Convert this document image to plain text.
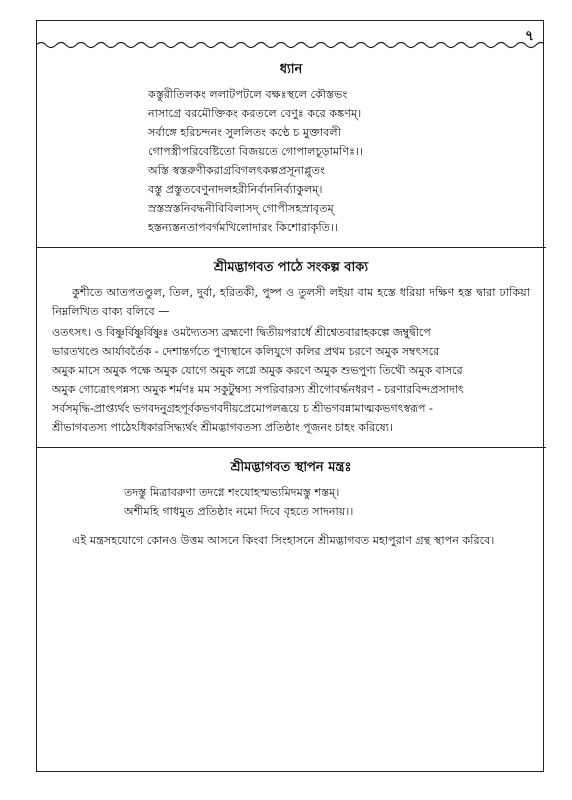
৭
ধ্যান
কস্তুরীতিলকং ললাটপটলে বক্ষঃস্থলে কৌস্তভং
নাসাগ্রে বরমৌক্তিকং করতলে বেণুঃ করে কঙ্কণম্‌।
সর্বাঙ্গে হরিচন্দনং সুললিতং কণ্ঠে চ মুক্তাবলী
গোপস্ত্রীপরিবেষ্টিতো বিজয়তে গোপালচূড়ামণিঃ।।
অস্তি স্বস্তরুণীকরাগ্রবিগলৎকল্পপ্রসূনাপ্লুতং
বস্তু প্রস্তুতবেণুনাদলহরীনির্বাননির্ব্যাকুলম্‌।
স্রস্তস্রস্তনিবদ্ধনীবিবিলাসদ্‌ গোপীসহস্রাবৃতম্‌
হস্তন্যস্তনতাপবর্গমখিলোদারং কিশোরাকৃতি।।
শ্রীমদ্ভাগবত পাঠে সংকল্প বাক্য
কুশীতে আতপতণ্ডুল, তিল, দুর্বা, হরিতকী, পুষ্প ও তুলসী লইয়া বাম হস্তে ধরিয়া দক্ষিণ হস্ত দ্বারা ঢাকিয়া নিম্নলিখিত বাক্য বলিবে —
ওতৎসৎ। ও বিষ্ণুর্বিষ্ণুর্বিষ্ণুঃ ওমদ্যৈতস্য ব্রহ্মণো দ্বিতীয়পরার্ধে শ্রীশ্বেতবারাহকল্পে জম্বুদ্বীপে
ভারতখণ্ডে আর্যাবর্তৈক - দেশান্তর্গতে পুণ্যস্থানে কলিযুগে কলির প্রথম চরণে অমুক সম্বৎসরে
অমুক মাসে অমুক পক্ষে অমুক যোগে অমুক লগ্নে অমুক করণে অমুক শুভপুণ্য তিথৌ অমুক বাসরে
অমুক গোত্রোৎপন্নস্য অমুক শর্মণঃ মম সকুটুম্বস্য সপরিবারস্য শ্রীগোবর্দ্ধনধরণ - চরণারবিন্দপ্রসাদাৎ
সর্বসমৃদ্ধি-প্রাপ্ত্যর্থং ভগবদনুগ্রহপূর্বকভগবদীয়প্রেমোপলব্ধয়ে চ শ্রীভগবন্নামাত্মকভগৎস্বরূপ -
শ্রীভাগবতস্য পাঠেঽধিকারসিদ্ধ্যর্থং শ্রীমদ্ভাগবতস্য প্রতিষ্ঠাং পূজনং চাহং করিষ্যে।
শ্রীমদ্ভাগবত স্থাপন মন্ত্রঃ
তদস্তু মিত্রাবরুণা তদগ্নে শংযোহস্মভ্যমিদমস্তু শস্তম্‌।
অশীমহি গাধমুত প্রতিষ্ঠাং নমো দিবে বৃহতে সাদনায়।।
এই মন্ত্রসহযোগে কোনও উত্তম আসনে কিংবা সিংহাসনে শ্রীমদ্ভাগবত মহাপুরাণ গ্রন্থ স্থাপন করিবে।
